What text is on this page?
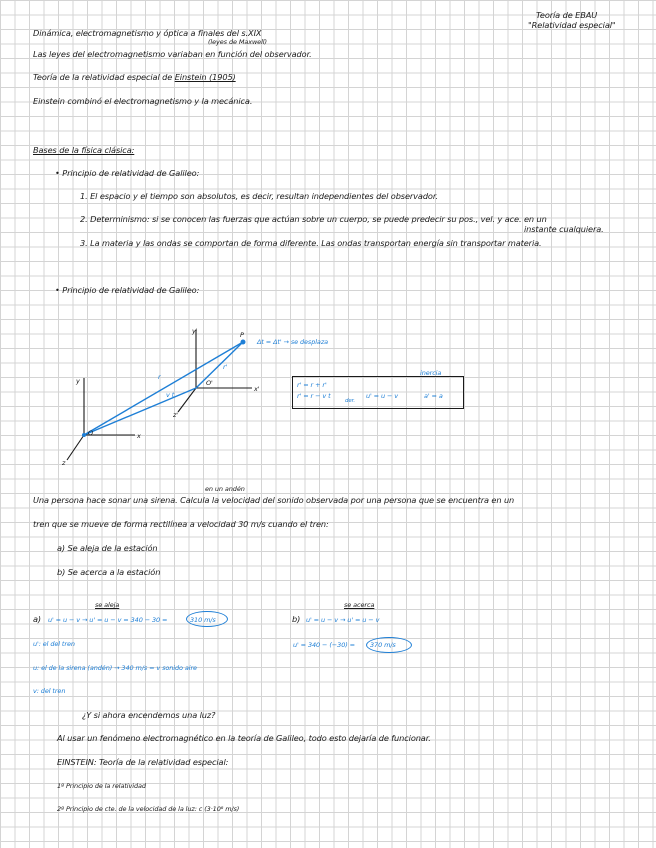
Teoría de EBAU
"Relatividad especial"
Dinámica, electromagnetismo y óptica a finales del s.XIX
(leyes de Maxwell)
Las leyes del electromagnetismo variaban en función del observador.
Teoría de la relatividad especial de Einstein (1905)
Einstein combinó el electromagnetismo y la mecánica.
Bases de la física clásica:
• Principio de relatividad de Galileo:
1. El espacio y el tiempo son absolutos, es decir, resultan independientes del observador.
2. Determinismo: si se conocen las fuerzas que actúan sobre un cuerpo, se puede predecir su pos., vel. y ace. en un
instante cualquiera.
3. La materia y las ondas se comportan de forma diferente. Las ondas transportan energía sin transportar materia.
• Principio de relatividad de Galileo:
P
y
x
z
y'
x'
z'
O
O'
r
r'
v t
Δt = Δt' → se desplaza
inercia
r' = r + r'
r' = r − v t
der.
u' = u − v	a' = a
en un andén
Una persona hace sonar una sirena. Calcula la velocidad del sonido observada por una persona que se encuentra en un
tren que se mueve de forma rectilínea a velocidad 30 m/s cuando el tren:
a) Se aleja de la estación
b) Se acerca a la estación
se aleja	se acerca
a) u' = u − v → u' = u − v = 340 − 30 =	310 m/s	b) u' = u − v → u' = u − v
u' = 340 − (−30) = 370 m/s
u': el del tren
u: el de la sirena (andén) → 340 m/s = v sonido aire
v: del tren
¿Y si ahora encendemos una luz?
Al usar un fenómeno electromagnético en la teoría de Galileo, todo esto dejaría de funcionar.
EINSTEIN: Teoría de la relatividad especial:
1º Principio de la relatividad
2º Principio de cte. de la velocidad de la luz: c (3·10⁸ m/s)
